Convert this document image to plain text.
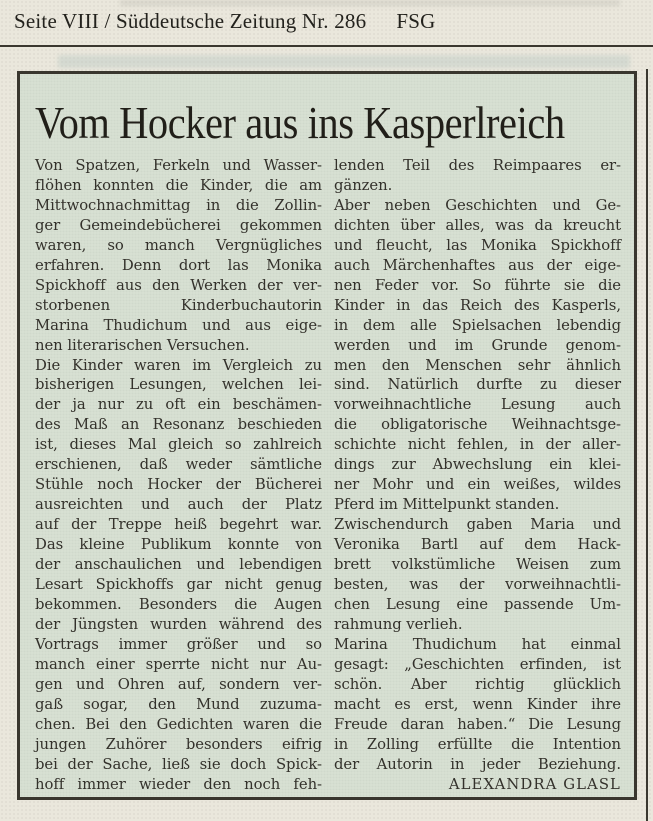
Seite VIII / Süddeutsche Zeitung Nr. 286 FSG
Vom Hocker aus ins Kasperlreich
Von Spatzen, Ferkeln und Wasser-
flöhen konnten die Kinder, die am
Mittwochnachmittag in die Zollin-
ger Gemeindebücherei gekommen
waren, so manch Vergnügliches
erfahren. Denn dort las Monika
Spickhoff aus den Werken der ver-
storbenen Kinderbuchautorin
Marina Thudichum und aus eige-
nen literarischen Versuchen.
Die Kinder waren im Vergleich zu
bisherigen Lesungen, welchen lei-
der ja nur zu oft ein beschämen-
des Maß an Resonanz beschieden
ist, dieses Mal gleich so zahlreich
erschienen, daß weder sämtliche
Stühle noch Hocker der Bücherei
ausreichten und auch der Platz
auf der Treppe heiß begehrt war.
Das kleine Publikum konnte von
der anschaulichen und lebendigen
Lesart Spickhoffs gar nicht genug
bekommen. Besonders die Augen
der Jüngsten wurden während des
Vortrags immer größer und so
manch einer sperrte nicht nur Au-
gen und Ohren auf, sondern ver-
gaß sogar, den Mund zuzuma-
chen. Bei den Gedichten waren die
jungen Zuhörer besonders eifrig
bei der Sache, ließ sie doch Spick-
hoff immer wieder den noch feh-
lenden Teil des Reimpaares er-
gänzen.
Aber neben Geschichten und Ge-
dichten über alles, was da kreucht
und fleucht, las Monika Spickhoff
auch Märchenhaftes aus der eige-
nen Feder vor. So führte sie die
Kinder in das Reich des Kasperls,
in dem alle Spielsachen lebendig
werden und im Grunde genom-
men den Menschen sehr ähnlich
sind. Natürlich durfte zu dieser
vorweihnachtliche Lesung auch
die obligatorische Weihnachtsge-
schichte nicht fehlen, in der aller-
dings zur Abwechslung ein klei-
ner Mohr und ein weißes, wildes
Pferd im Mittelpunkt standen.
Zwischendurch gaben Maria und
Veronika Bartl auf dem Hack-
brett volkstümliche Weisen zum
besten, was der vorweihnachtli-
chen Lesung eine passende Um-
rahmung verlieh.
Marina Thudichum hat einmal
gesagt: „Geschichten erfinden, ist
schön. Aber richtig glücklich
macht es erst, wenn Kinder ihre
Freude daran haben.“ Die Lesung
in Zolling erfüllte die Intention
der Autorin in jeder Beziehung.
ALEXANDRA GLASL
